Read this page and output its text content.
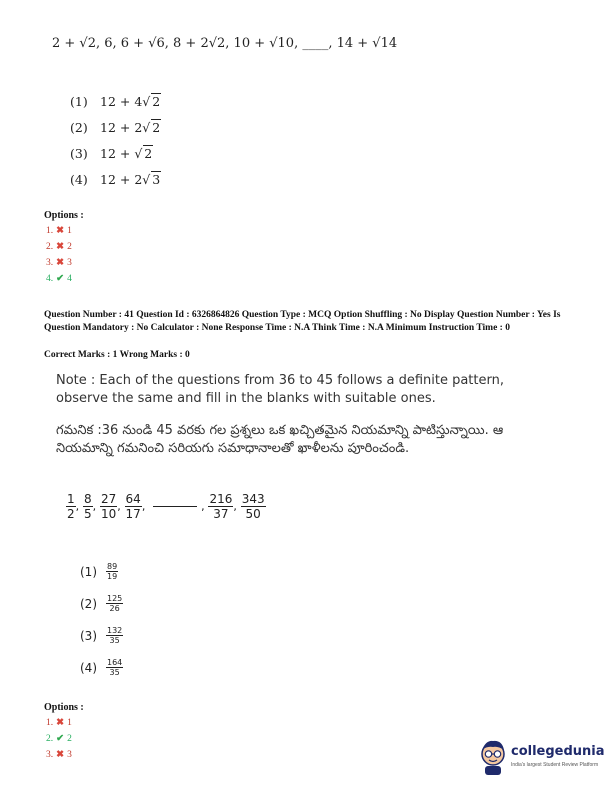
2 + √2, 6, 6 + √6, 8 + 2√2, 10 + √10, ____, 14 + √14
(1) 12 + 4√ 2
(2) 12 + 2√ 2
(3) 12 + √ 2
(4) 12 + 2√ 3
Options :
1. ✖ 1
2. ✖ 2
3. ✖ 3
4. ✔ 4
Question Number : 41 Question Id : 6326864826 Question Type : MCQ Option Shuffling : No Display Question Number : Yes Is Question Mandatory : No Calculator : None Response Time : N.A Think Time : N.A Minimum Instruction Time : 0
Correct Marks : 1 Wrong Marks : 0
Note : Each of the questions from 36 to 45 follows a definite pattern, observe the same and fill in the blanks with suitable ones.
గమనిక :36 నుండి 45 వరకు గల ప్రశ్నలు ఒక ఖచ్చితమైన నియమాన్ని పాటిస్తున్నాయి. ఆ నియమాన్ని గమనించి సరియగు సమాధానాలతో ఖాళీలను పూరించండి.
$\frac{1}{2}$ , $\frac{8}{5}$ , $\frac{27}{10}$ , $\frac{64}{17}$ ,	, $\frac{216}{37}$ , $\frac{343}{50}$
$(1) \frac{89}{19}$
$(2) \frac{125}{26}$
$(3) \frac{132}{35}$
$(4) \frac{164}{35}$
Options :
1. ✖ 1
2. ✔ 2
3. ✖ 3	collegedunia
India's largest Student Review Platform
